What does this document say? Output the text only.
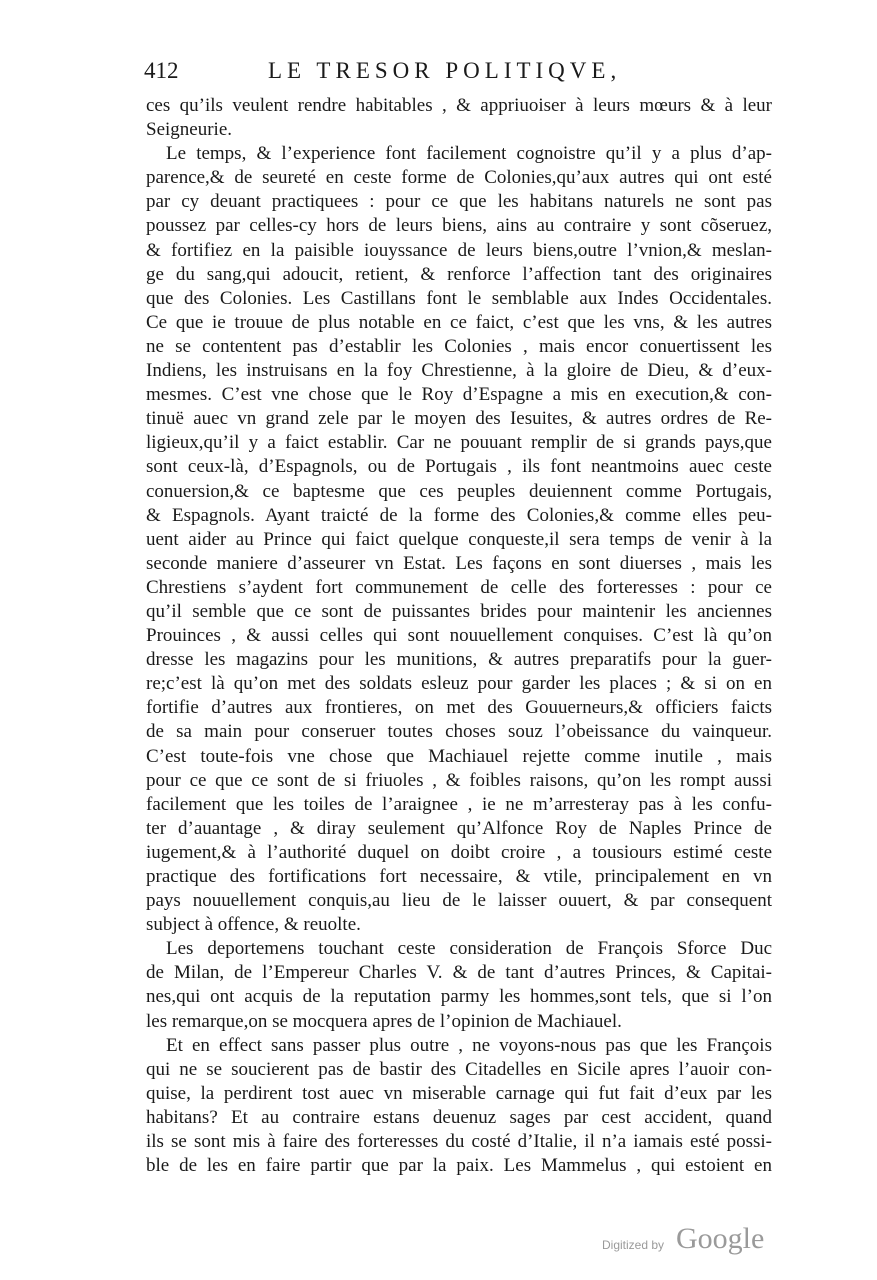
412	LE TRESOR POLITIQVE,
ces qu’ils veulent rendre habitables , & appriuoiser à leurs mœurs & à leur
Seigneurie.
Le temps, & l’experience font facilement cognoistre qu’il y a plus d’ap-
parence,& de seureté en ceste forme de Colonies,qu’aux autres qui ont esté
par cy deuant practiquees : pour ce que les habitans naturels ne sont pas
poussez par celles-cy hors de leurs biens, ains au contraire y sont cõseruez,
& fortifiez en la paisible iouyssance de leurs biens,outre l’vnion,& meslan-
ge du sang,qui adoucit, retient, & renforce l’affection tant des originaires
que des Colonies. Les Castillans font le semblable aux Indes Occidentales.
Ce que ie trouue de plus notable en ce faict, c’est que les vns, & les autres
ne se contentent pas d’establir les Colonies , mais encor conuertissent les
Indiens, les instruisans en la foy Chrestienne, à la gloire de Dieu, & d’eux-
mesmes. C’est vne chose que le Roy d’Espagne a mis en execution,& con-
tinuë auec vn grand zele par le moyen des Iesuites, & autres ordres de Re-
ligieux,qu’il y a faict establir. Car ne pouuant remplir de si grands pays,que
sont ceux-là, d’Espagnols, ou de Portugais , ils font neantmoins auec ceste
conuersion,& ce baptesme que ces peuples deuiennent comme Portugais,
& Espagnols. Ayant traicté de la forme des Colonies,& comme elles peu-
uent aider au Prince qui faict quelque conqueste,il sera temps de venir à la
seconde maniere d’asseurer vn Estat. Les façons en sont diuerses , mais les
Chrestiens s’aydent fort communement de celle des forteresses : pour ce
qu’il semble que ce sont de puissantes brides pour maintenir les anciennes
Prouinces , & aussi celles qui sont nouuellement conquises. C’est là qu’on
dresse les magazins pour les munitions, & autres preparatifs pour la guer-
re;c’est là qu’on met des soldats esleuz pour garder les places ; & si on en
fortifie d’autres aux frontieres, on met des Gouuerneurs,& officiers faicts
de sa main pour conseruer toutes choses souz l’obeissance du vainqueur.
C’est toute-fois vne chose que Machiauel rejette comme inutile , mais
pour ce que ce sont de si friuoles , & foibles raisons, qu’on les rompt aussi
facilement que les toiles de l’araignee , ie ne m’arresteray pas à les confu-
ter d’auantage , & diray seulement qu’Alfonce Roy de Naples Prince de
iugement,& à l’authorité duquel on doibt croire , a tousiours estimé ceste
practique des fortifications fort necessaire, & vtile, principalement en vn
pays nouuellement conquis,au lieu de le laisser ouuert, & par consequent
subject à offence, & reuolte.
Les deportemens touchant ceste consideration de François Sforce Duc
de Milan, de l’Empereur Charles V. & de tant d’autres Princes, & Capitai-
nes,qui ont acquis de la reputation parmy les hommes,sont tels, que si l’on
les remarque,on se mocquera apres de l’opinion de Machiauel.
Et en effect sans passer plus outre , ne voyons-nous pas que les François
qui ne se soucierent pas de bastir des Citadelles en Sicile apres l’auoir con-
quise, la perdirent tost auec vn miserable carnage qui fut fait d’eux par les
habitans? Et au contraire estans deuenuz sages par cest accident, quand
ils se sont mis à faire des forteresses du costé d’Italie, il n’a iamais esté possi-
ble de les en faire partir que par la paix. Les Mammelus , qui estoient en
Digitized by Google
